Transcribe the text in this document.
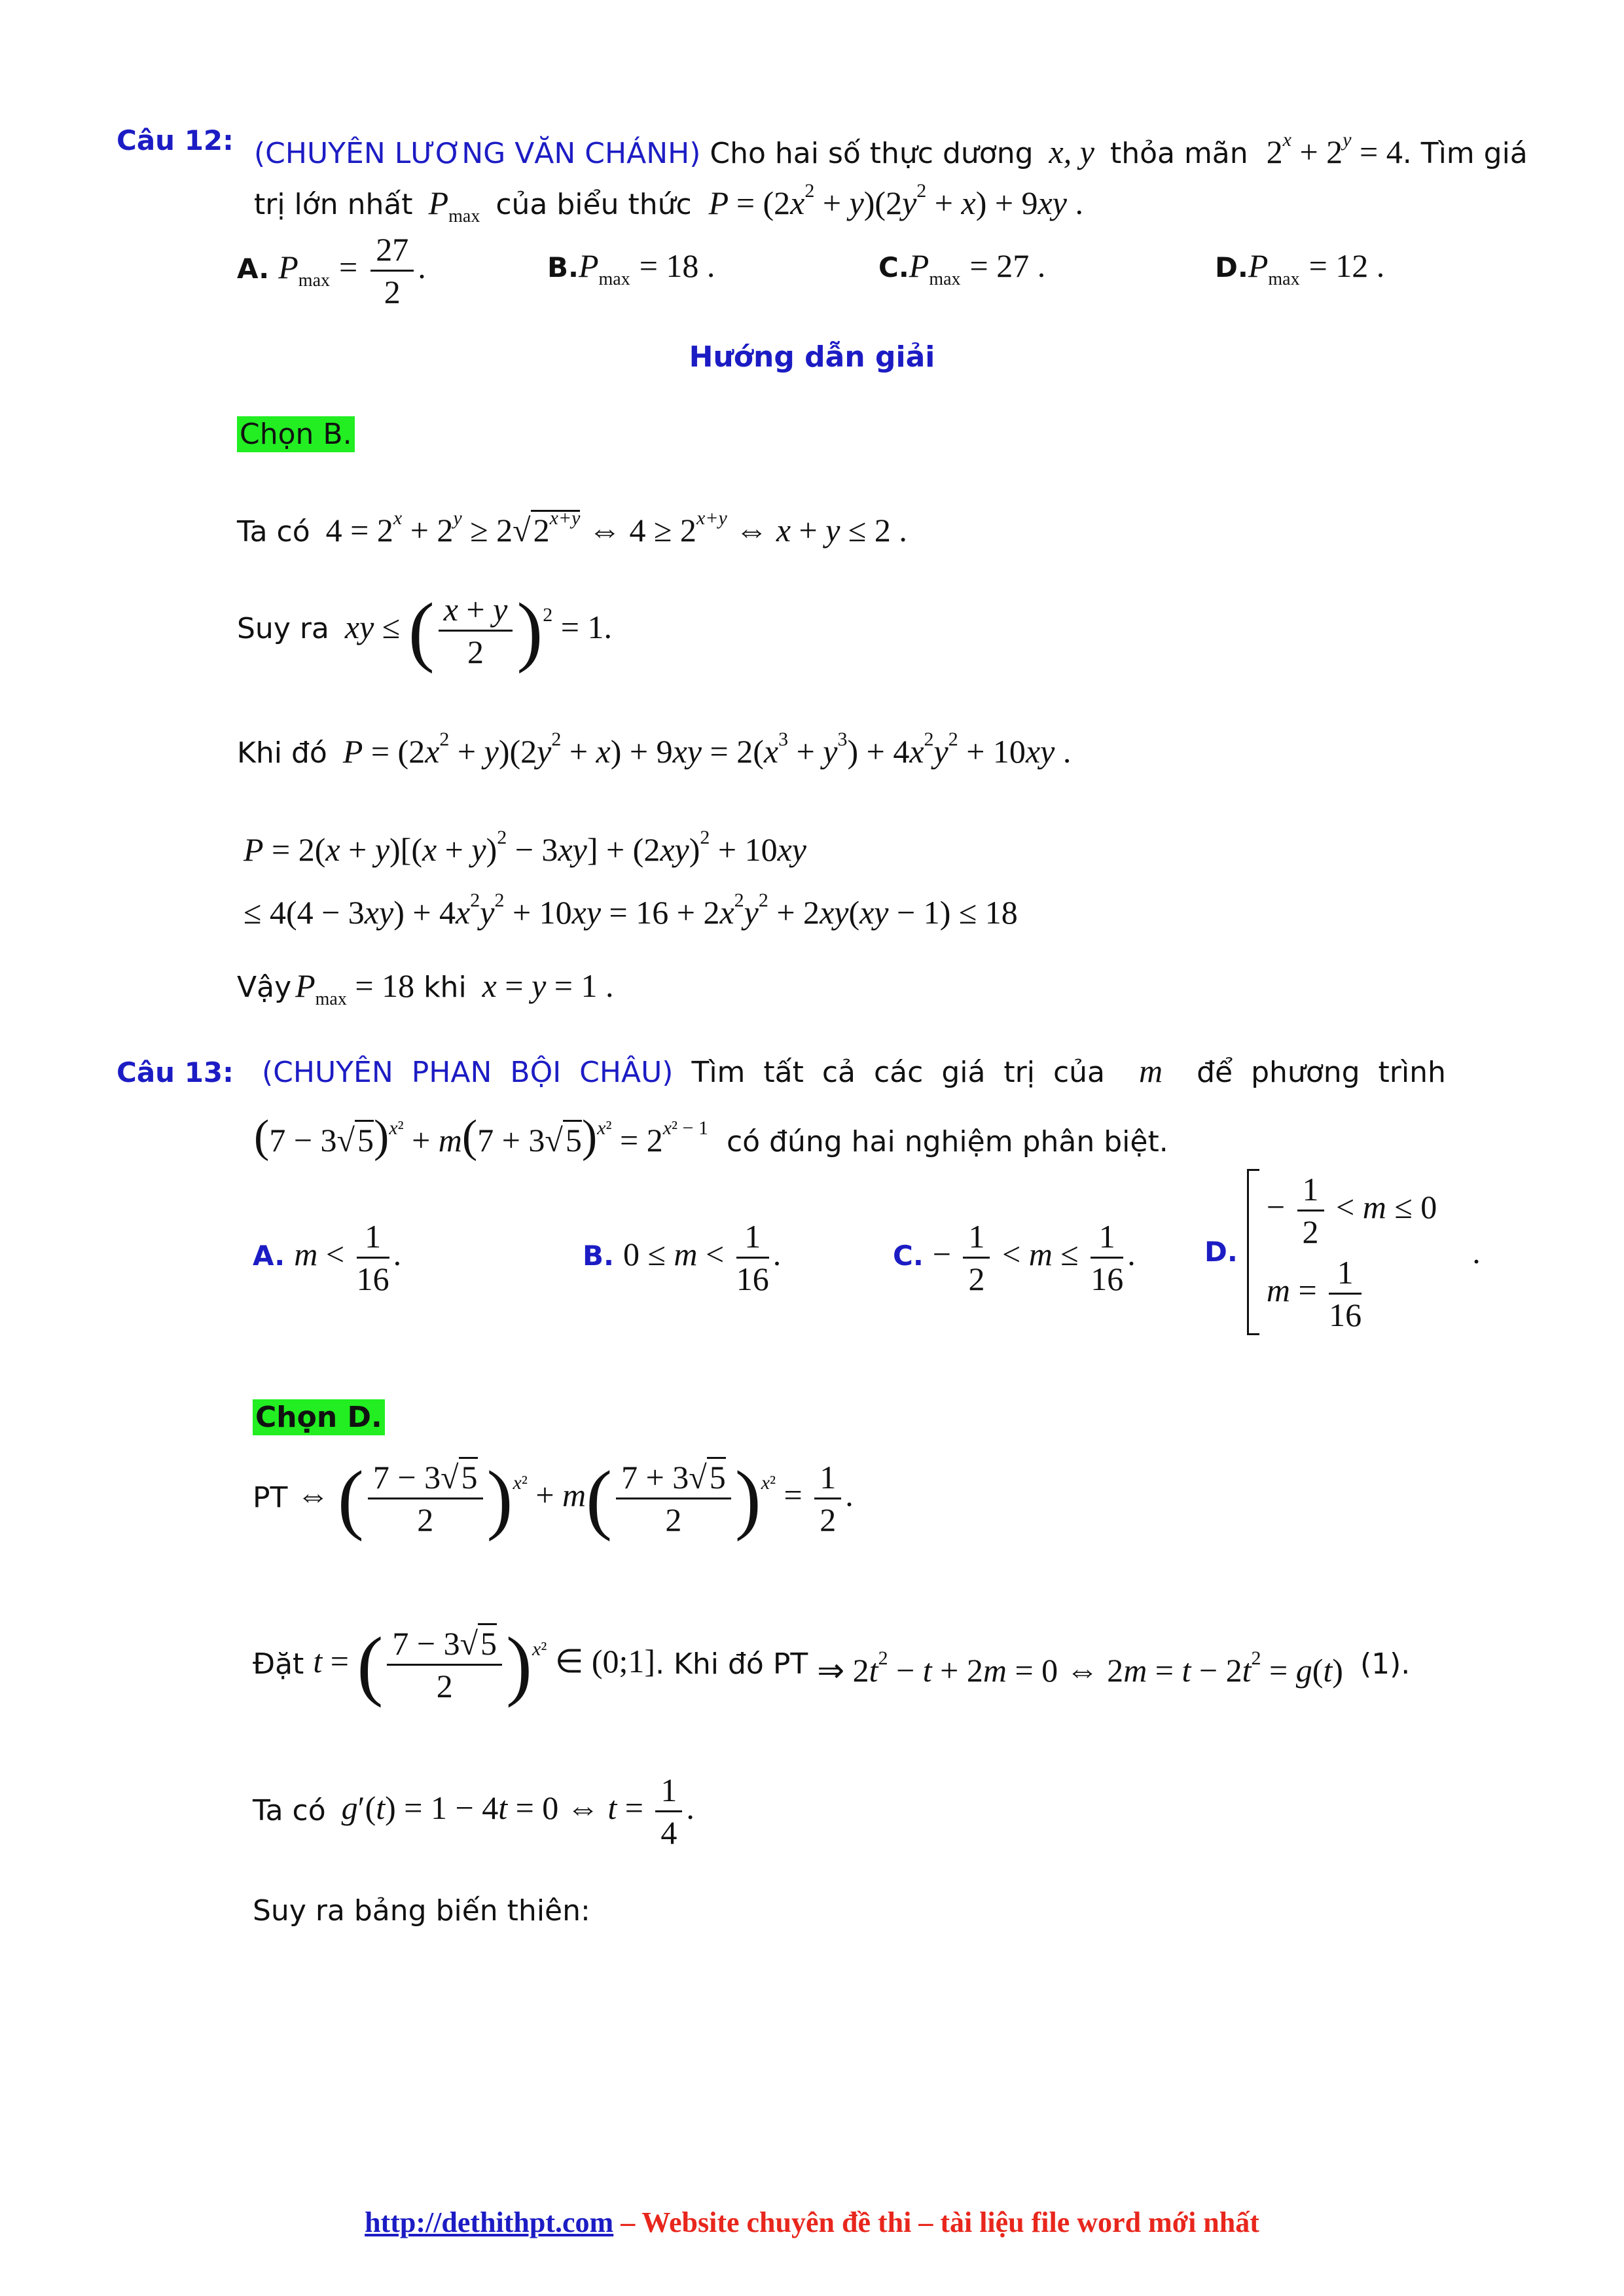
Câu 12: (CHUYÊN LƯƠNG VĂN CHÁNH) Cho hai số thực dương x, y thỏa mãn $2^x + 2^y = 4$. Tìm giá
trị lớn nhất $P_{max}$ của biểu thức $P = (2x^2 + y)(2y^2 + x) + 9xy$ .
A. $P_{max} = \frac{27}{2}$ .	$B.P_{max} = 18$ .	$C.P_{max} = 27$ .	$D.P_{max} = 12$ .
Hướng dẫn giải
Chọn B.
Ta có $4 = 2^x + 2^y \ge 2√2^{x+y}$ ⇔ $4 \ge 2^{x+y}$ ⇔ x + y ≤ 2 .
Suy ra xy ≤ ( $\frac{x + y}{2} )^2 = 1$.
Khi đó $P = (2x^2 + y)(2y^2 + x) + 9xy = 2(x^3 + y^3) + 4x^2y^2 + 10xy$ .
$P = 2(x + y)[(x + y)^2 - 3xy] + (2xy)^2 + 10xy$
≤ $4(4 - 3xy) + 4x^2y^2 + 10xy = 16 + 2x^2y^2 + 2xy(xy - 1) \le 18$
Vậy $P_{max} = 18$ khi x = y = 1 .
Câu 13: (CHUYÊN PHAN BỘI CHÂU) Tìm tất cả các giá trị của m để phương trình
$(7 - 3√5)^{x^2} + m(7 + 3√5)^{x^2} = 2^{x^2 - 1}$ có đúng hai nghiệm phân biệt.
A. $m < \frac{1}{16}$ .	B. $0 \le m < \frac{1}{16}$ .	C. − $\frac{1}{2} < m \le \frac{1}{16}$ .	D.
− $\frac{1}{2} < m \le 0$
$m = \frac{1}{16}$	.
Chọn D.
PT ⇔ ( $\frac{7 - 3√5}{2} )^{x^2} + m( \frac{7 + 3√5}{2} )^{x^2} = \frac{1}{2}$ .
Đặt t = ( $\frac{7 - 3√5}{2} )^{x^2}$ ∈ (0;1]. Khi đó PT ⇒ $2t^2 - t + 2m = 0$ ⇔ $2m = t - 2t^2 = g(t)$ (1).
Ta có g′(t) = 1 − 4t = 0 ⇔ $t = \frac{1}{4}$ .
Suy ra bảng biến thiên:
http://dethithpt.com – Website chuyên đề thi – tài liệu file word mới nhất
